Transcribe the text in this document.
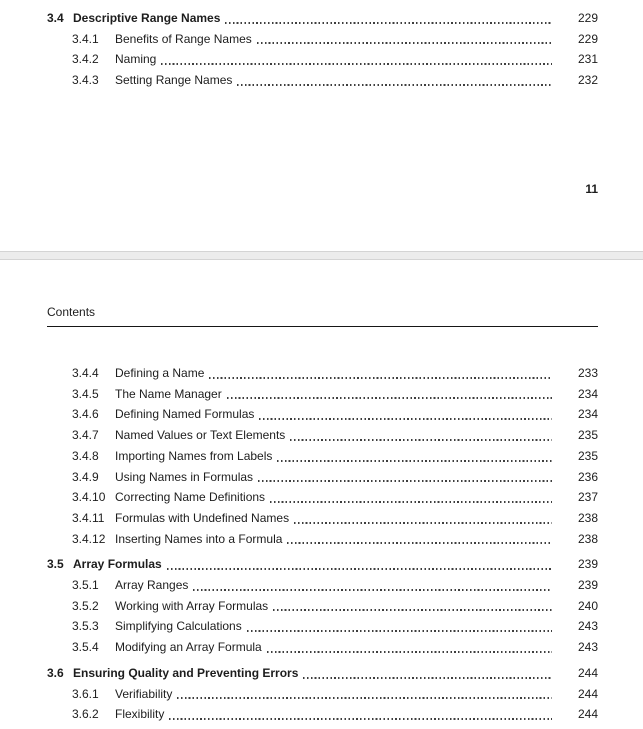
3.4 Descriptive Range Names	229
3.4.1	Benefits of Range Names	229
3.4.2	Naming	231
3.4.3	Setting Range Names	232
11
Contents
3.4.4	Defining a Name	233
3.4.5	The Name Manager	234
3.4.6	Defining Named Formulas	234
3.4.7	Named Values or Text Elements	235
3.4.8	Importing Names from Labels	235
3.4.9	Using Names in Formulas	236
3.4.10 Correcting Name Definitions	237
3.4.11 Formulas with Undefined Names	238
3.4.12 Inserting Names into a Formula	238
3.5 Array Formulas	239
3.5.1	Array Ranges	239
3.5.2	Working with Array Formulas	240
3.5.3	Simplifying Calculations	243
3.5.4	Modifying an Array Formula	243
3.6 Ensuring Quality and Preventing Errors	244
3.6.1	Verifiability	244
3.6.2	Flexibility	244
